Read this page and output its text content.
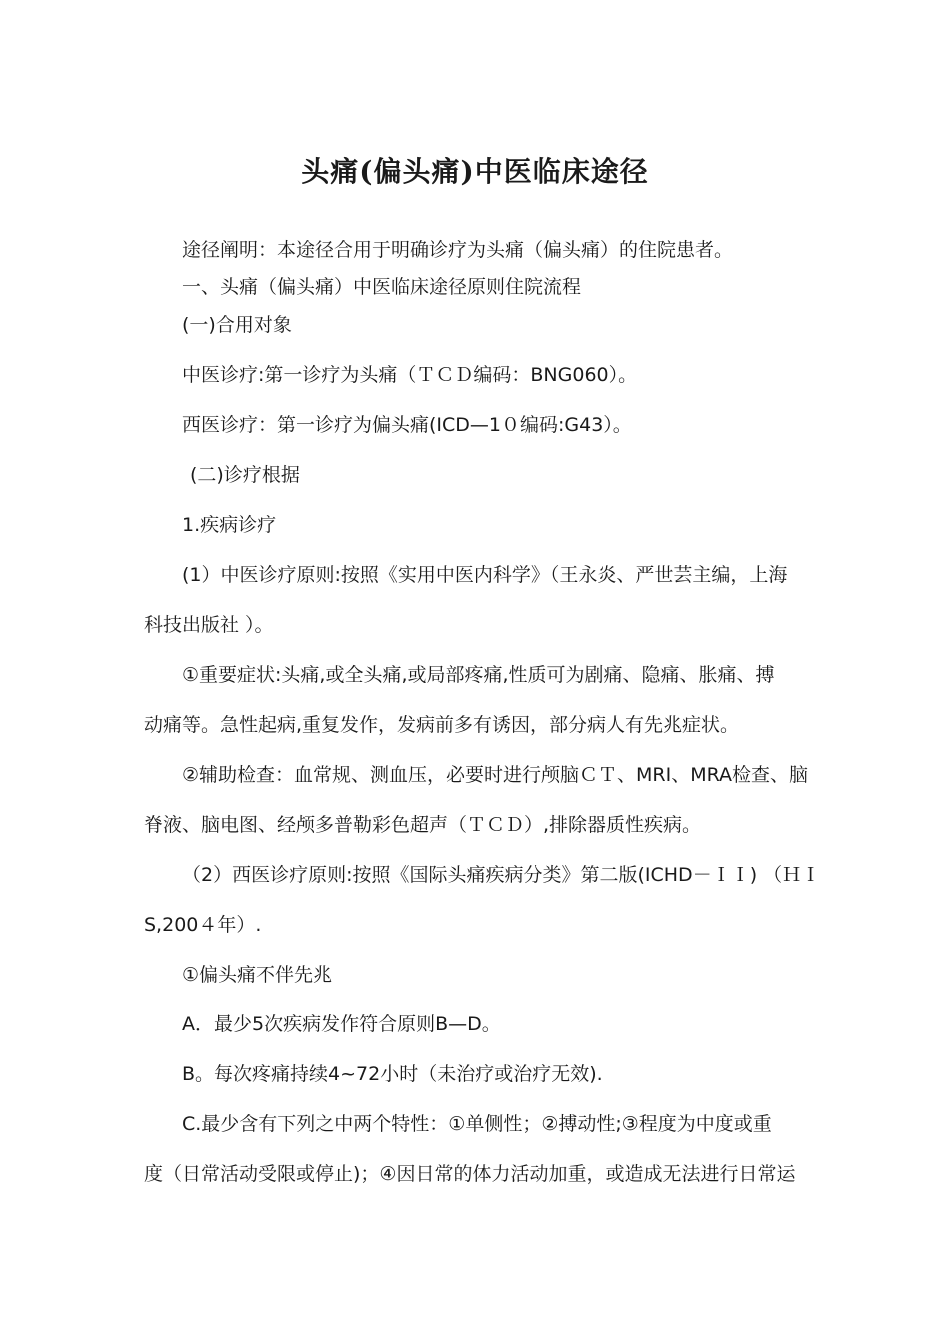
头痛(偏头痛)中医临床途径
途径阐明：本途径合用于明确诊疗为头痛（偏头痛）的住院患者。
一、头痛（偏头痛）中医临床途径原则住院流程
(一)合用对象
中医诊疗:第一诊疗为头痛（ＴＣＤ编码：BNG060）。
西医诊疗：第一诊疗为偏头痛(ICD—1０编码:G43）。
(二)诊疗根据
1.疾病诊疗
(1）中医诊疗原则:按照《实用中医内科学》（王永炎、严世芸主编，上海
科技出版社 ）。
①重要症状:头痛,或全头痛,或局部疼痛,性质可为剧痛、隐痛、胀痛、搏
动痛等。急性起病,重复发作，发病前多有诱因，部分病人有先兆症状。
②辅助检查：血常规、测血压，必要时进行颅脑ＣＴ、MRI、MRA检查、脑
脊液、脑电图、经颅多普勒彩色超声（ＴＣＤ）,排除器质性疾病。
（2）西医诊疗原则:按照《国际头痛疾病分类》第二版(ICHD－ＩＩ) （ＨＩ
S,200４年）.
①偏头痛不伴先兆
A．最少5次疾病发作符合原则B—D。
B。每次疼痛持续4~72小时（未治疗或治疗无效).
C.最少含有下列之中两个特性：①单侧性；②搏动性;③程度为中度或重
度（日常活动受限或停止)；④因日常的体力活动加重，或造成无法进行日常运
